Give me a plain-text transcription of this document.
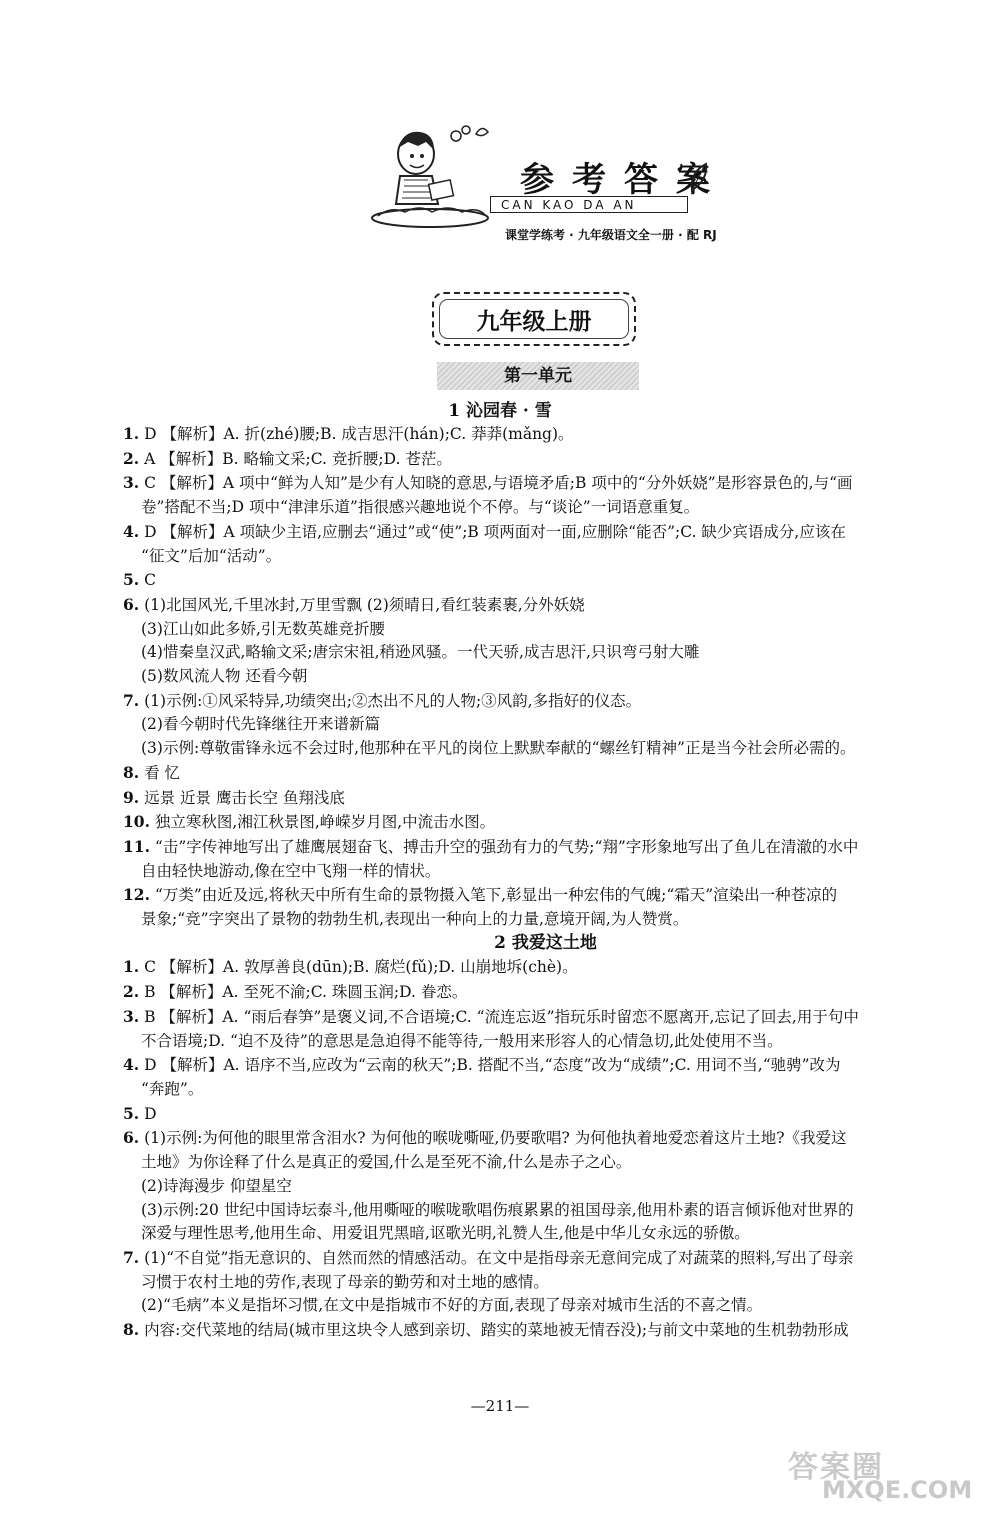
参考答案
CAN KAO DA AN
课堂学练考 · 九年级语文全一册 · 配 RJ
九年级上册
第一单元
1 沁园春 · 雪
1. D 【解析】A. 折(zhé)腰;B. 成吉思汗(hán);C. 莽莽(mǎng)。
2. A 【解析】B. 略输文采;C. 竞折腰;D. 苍茫。
3. C 【解析】A 项中“鲜为人知”是少有人知晓的意思,与语境矛盾;B 项中的“分外妖娆”是形容景色的,与“画
卷”搭配不当;D 项中“津津乐道”指很感兴趣地说个不停。与“谈论”一词语意重复。
4. D 【解析】A 项缺少主语,应删去“通过”或“使”;B 项两面对一面,应删除“能否”;C. 缺少宾语成分,应该在
“征文”后加“活动”。
5. C
6. (1)北国风光,千里冰封,万里雪飘 (2)须晴日,看红装素裹,分外妖娆
(3)江山如此多娇,引无数英雄竞折腰
(4)惜秦皇汉武,略输文采;唐宗宋祖,稍逊风骚。一代天骄,成吉思汗,只识弯弓射大雕
(5)数风流人物 还看今朝
7. (1)示例:①风采特异,功绩突出;②杰出不凡的人物;③风韵,多指好的仪态。
(2)看今朝时代先锋继往开来谱新篇
(3)示例:尊敬雷锋永远不会过时,他那种在平凡的岗位上默默奉献的“螺丝钉精神”正是当今社会所必需的。
8. 看 忆
9. 远景 近景 鹰击长空 鱼翔浅底
10. 独立寒秋图,湘江秋景图,峥嵘岁月图,中流击水图。
11. “击”字传神地写出了雄鹰展翅奋飞、搏击升空的强劲有力的气势;“翔”字形象地写出了鱼儿在清澈的水中
自由轻快地游动,像在空中飞翔一样的情状。
12. “万类”由近及远,将秋天中所有生命的景物摄入笔下,彰显出一种宏伟的气魄;“霜天”渲染出一种苍凉的
景象;“竞”字突出了景物的勃勃生机,表现出一种向上的力量,意境开阔,为人赞赏。
2 我爱这土地
1. C 【解析】A. 敦厚善良(dūn);B. 腐烂(fǔ);D. 山崩地坼(chè)。
2. B 【解析】A. 至死不渝;C. 珠圆玉润;D. 眷恋。
3. B 【解析】A. “雨后春笋”是褒义词,不合语境;C. “流连忘返”指玩乐时留恋不愿离开,忘记了回去,用于句中
不合语境;D. “迫不及待”的意思是急迫得不能等待,一般用来形容人的心情急切,此处使用不当。
4. D 【解析】A. 语序不当,应改为“云南的秋天”;B. 搭配不当,“态度”改为“成绩”;C. 用词不当,“驰骋”改为
“奔跑”。
5. D
6. (1)示例:为何他的眼里常含泪水? 为何他的喉咙嘶哑,仍要歌唱? 为何他执着地爱恋着这片土地?《我爱这
土地》为你诠释了什么是真正的爱国,什么是至死不渝,什么是赤子之心。
(2)诗海漫步 仰望星空
(3)示例:20 世纪中国诗坛泰斗,他用嘶哑的喉咙歌唱伤痕累累的祖国母亲,他用朴素的语言倾诉他对世界的
深爱与理性思考,他用生命、用爱诅咒黑暗,讴歌光明,礼赞人生,他是中华儿女永远的骄傲。
7. (1)“不自觉”指无意识的、自然而然的情感活动。在文中是指母亲无意间完成了对蔬菜的照料,写出了母亲
习惯于农村土地的劳作,表现了母亲的勤劳和对土地的感情。
(2)“毛病”本义是指坏习惯,在文中是指城市不好的方面,表现了母亲对城市生活的不喜之情。
8. 内容:交代菜地的结局(城市里这块令人感到亲切、踏实的菜地被无情吞没);与前文中菜地的生机勃勃形成
—211—
答案圈
MXQE.COM
